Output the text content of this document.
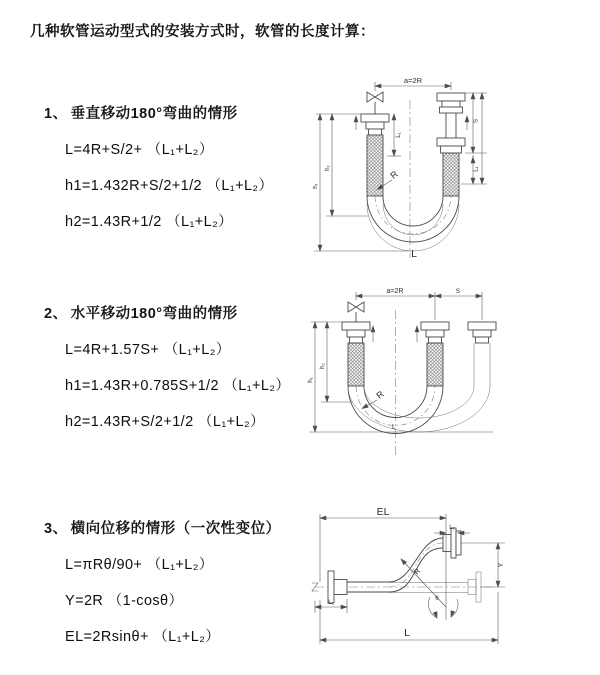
几种软管运动型式的安装方式时，软管的长度计算：
1、 垂直移动180°弯曲的情形
L=4R+S/2+ （L₁+L₂）
h1=1.432R+S/2+1/2 （L₁+L₂）
h2=1.43R+1/2 （L₁+L₂）
2、 水平移动180°弯曲的情形
L=4R+1.57S+ （L₁+L₂）
h1=1.43R+0.785S+1/2 （L₁+L₂）
h2=1.43R+S/2+1/2 （L₁+L₂）
3、 横向位移的情形（一次性变位）
L=πRθ/90+ （L₁+L₂）
Y=2R （1-cosθ）
EL=2Rsinθ+ （L₁+L₂）
a=2R
L₁
S
L₁
R
h₁
h₂
L
a=2R	S
R
h₁
h₂
L
EL
L₁
Y
R
θ
L
L₁
